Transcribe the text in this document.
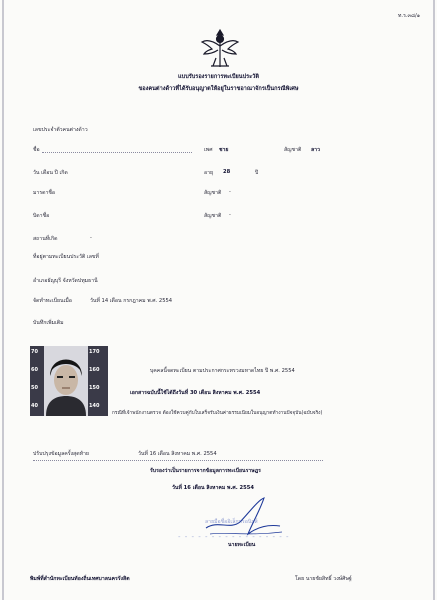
ท.ร.๓๘/๑
แบบรับรองรายการทะเบียนประวัติ
ของคนต่างด้าวที่ได้รับอนุญาตให้อยู่ในราชอาณาจักรเป็นกรณีพิเศษ
เลขประจำตัวคนต่างด้าว
ชื่อ	เพศ ชาย	สัญชาติ ลาว
วัน เดือน ปี เกิด	อายุ 28	ปี
มารดาชื่อ	สัญชาติ -
บิดาชื่อ	สัญชาติ -
สถานที่เกิด	-
ที่อยู่ตามทะเบียนประวัติ เลขที่
อำเภอธัญบุรี จังหวัดปทุมธานี
จัดทำทะเบียนเมื่อ	วันที่ 14 เดือน กรกฎาคม พ.ศ. 2554
บันทึกเพิ่มเติม
70
60
50
40
170
160
150
140
บุคคลนี้จดทะเบียน ตามประกาศกระทรวงมหาดไทย ปี พ.ศ. 2554
เอกสารฉบับนี้ใช้ได้ถึงวันที่ 30 เดือน สิงหาคม พ.ศ. 2554
กรณีที่เจ้าพนักงานตรวจ ต้องใช้ควบคู่กับใบเสร็จรับเงินค่าธรรมเนียมใบอนุญาตทำงานปัจจุบัน(ฉบับจริง)
ปรับปรุงข้อมูลครั้งสุดท้าย	วันที่ 16 เดือน สิงหาคม พ.ศ. 2554
รับรองว่าเป็นรายการจากข้อมูลการทะเบียนราษฎร
วันที่ 16 เดือน สิงหาคม พ.ศ. 2554
ลายมือชื่ออิเล็กทรอนิกส์
- - - - - - - - - - - - - - - - -
นายทะเบียน
พิมพ์ที่สำนักทะเบียนท้องถิ่นเทศบาลนครรังสิต	โดย นายชัยสิทธิ์ วงษ์ศิษฐ์
